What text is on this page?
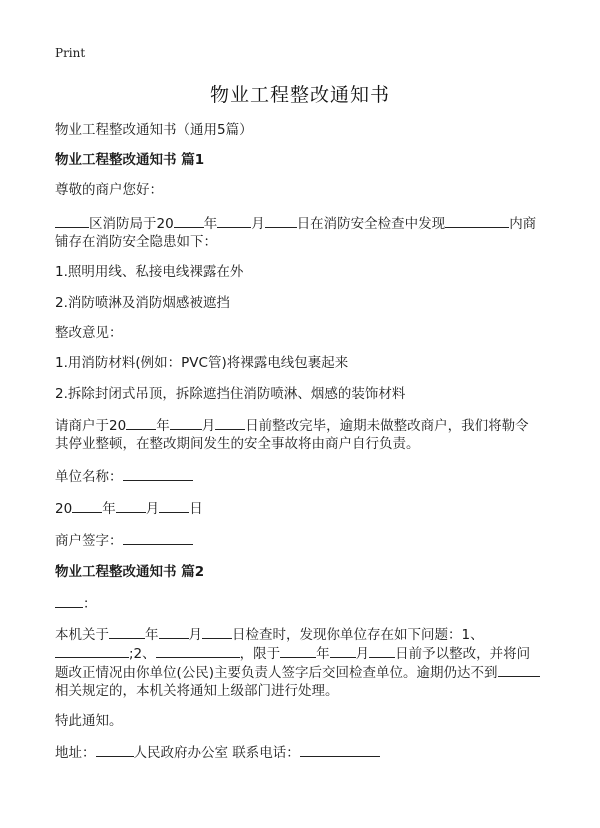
Print
物业工程整改通知书
物业工程整改通知书（通用5篇）
物业工程整改通知书 篇1
尊敬的商户您好：
区消防局于20 年	月 日在消防安全检查中发现	内商
铺存在消防安全隐患如下：
1.照明用线、私接电线裸露在外
2.消防喷淋及消防烟感被遮挡
整改意见：
1.用消防材料(例如：PVC管)将裸露电线包裹起来
2.拆除封闭式吊顶，拆除遮挡住消防喷淋、烟感的装饰材料
请商户于20 年 月 日前整改完毕，逾期未做整改商户，我们将勒令
其停业整顿，在整改期间发生的安全事故将由商户自行负责。
单位名称：
20 年 月 日
商户签字：
物业工程整改通知书 篇2
：
本机关于	年 月 日检查时，发现你单位存在如下问题：1、
;2、	，限于	年 月 日前予以整改，并将问
题改正情况由你单位(公民)主要负责人签字后交回检查单位。逾期仍达不到
相关规定的，本机关将通知上级部门进行处理。
特此通知。
地址：	人民政府办公室 联系电话：
